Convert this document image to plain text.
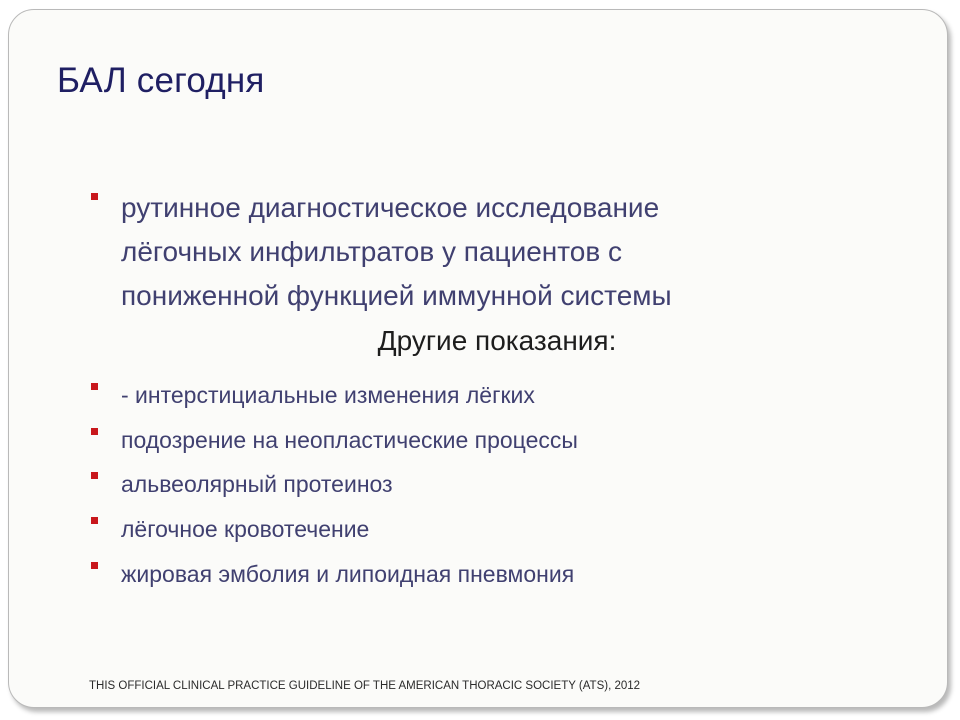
БАЛ сегодня
рутинное диагностическое исследование
лёгочных инфильтратов у пациентов с
пониженной функцией иммунной системы
Другие показания:
- интерстициальные изменения лёгких
подозрение на неопластические процессы
альвеолярный протеиноз
лёгочное кровотечение
жировая эмболия и липоидная пневмония
THIS OFFICIAL CLINICAL PRACTICE GUIDELINE OF THE AMERICAN THORACIC SOCIETY (ATS), 2012
